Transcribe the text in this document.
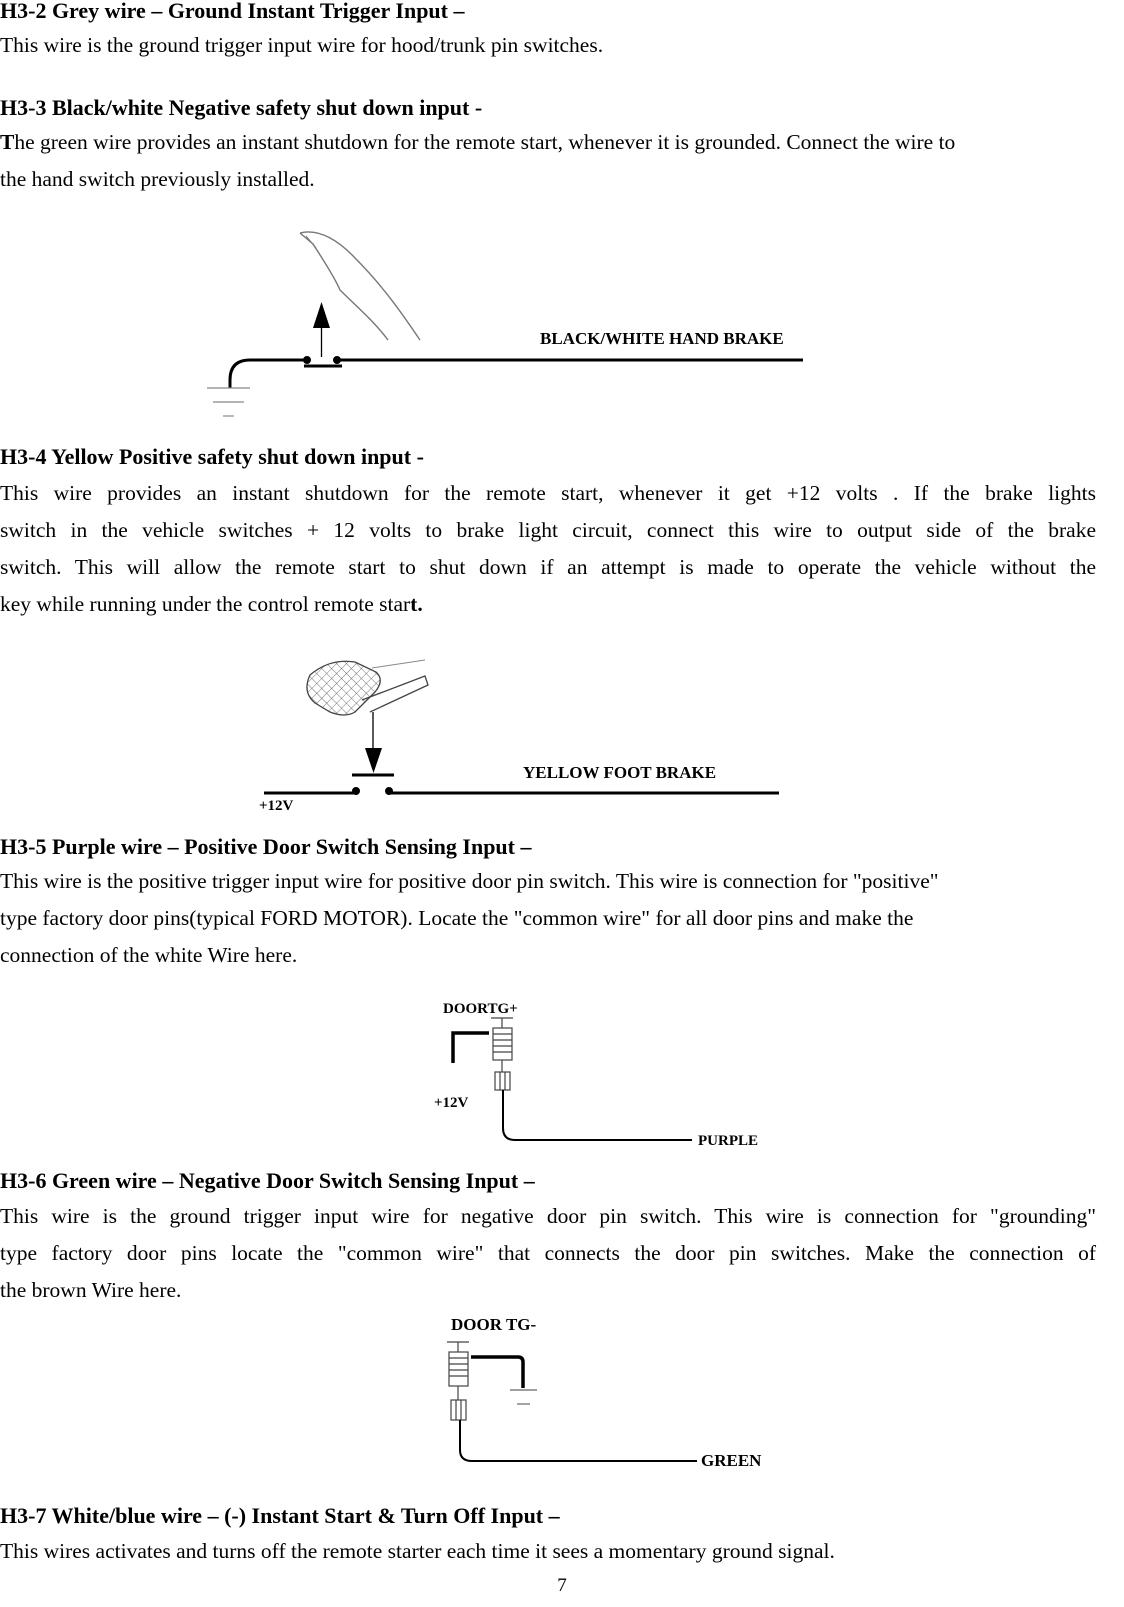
H3-2 Grey wire – Ground Instant Trigger Input –

This wire is the ground trigger input wire for hood/trunk pin switches.

H3-3 Black/white Negative safety shut down input -

The green wire provides an instant shutdown for the remote start, whenever it is grounded. Connect the wire to
the hand switch previously installed.

BLACK/WHITE HAND BRAKE
H3-4 Yellow Positive safety shut down input -
This wire provides an instant shutdown for the remote start, whenever it get +12 volts . If the brake lights
switch in the vehicle switches + 12 volts to brake light circuit, connect this wire to output side of the brake
switch. This will allow the remote start to shut down if an attempt is made to operate the vehicle without the
key while running under the control remote start.
YELLOW FOOT BRAKE
+12V
H3-5 Purple wire – Positive Door Switch Sensing Input –
This wire is the positive trigger input wire for positive door pin switch. This wire is connection for "positive"
type factory door pins(typical FORD MOTOR). Locate the "common wire" for all door pins and make the
connection of the white Wire here.
DOORTG+
+12V
PURPLE
H3-6 Green wire – Negative Door Switch Sensing Input –
This wire is the ground trigger input wire for negative door pin switch. This wire is connection for "grounding"
type factory door pins locate the "common wire" that connects the door pin switches. Make the connection of
the brown Wire here.
DOOR TG-
GREEN
H3-7 White/blue wire – (-) Instant Start & Turn Off Input –

This wires activates and turns off the remote starter each time it sees a momentary ground signal.

7
